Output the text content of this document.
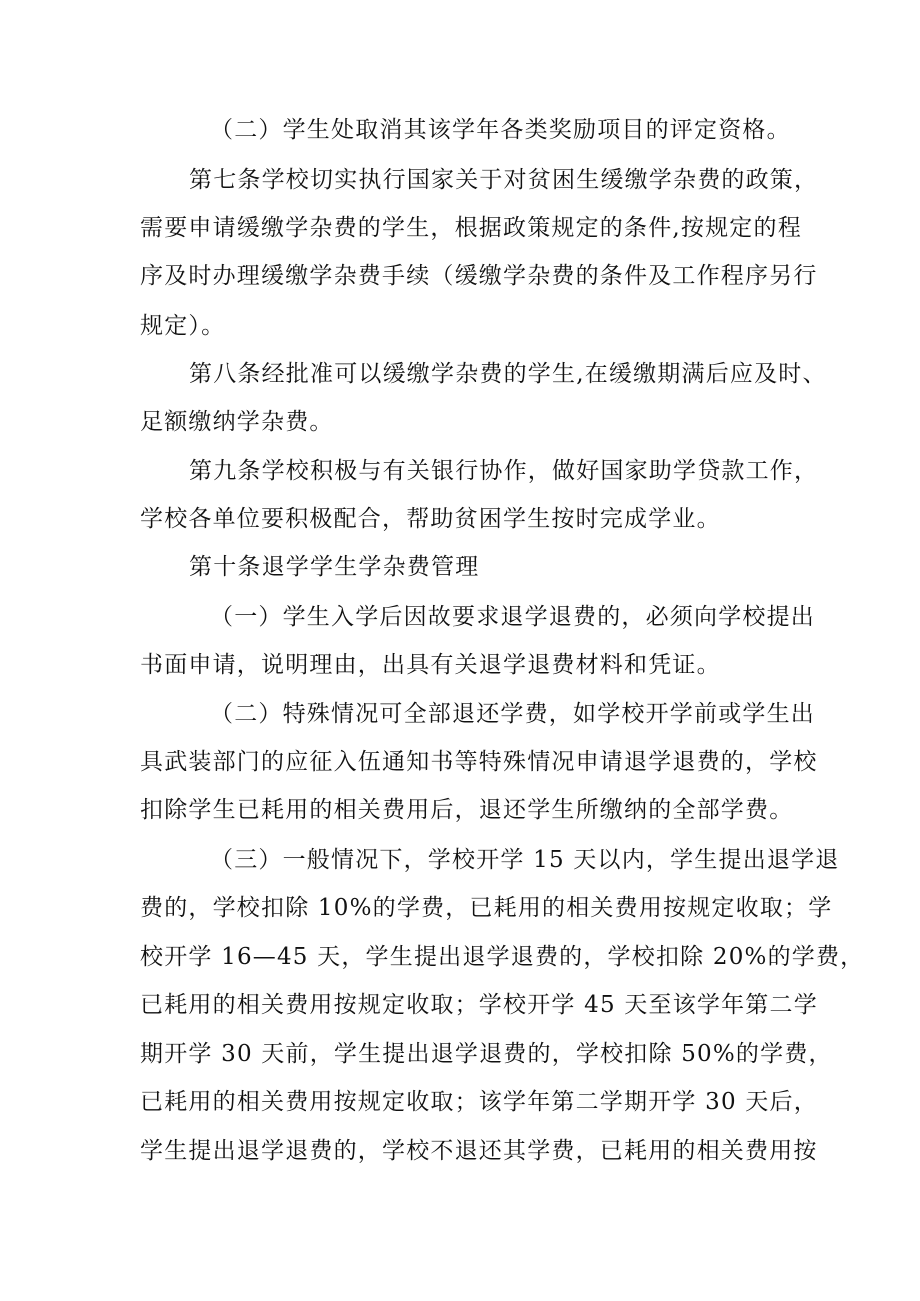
（二）学生处取消其该学年各类奖励项目的评定资格。
第七条学校切实执行国家关于对贫困生缓缴学杂费的政策，
需要申请缓缴学杂费的学生，根据政策规定的条件,按规定的程
序及时办理缓缴学杂费手续（缓缴学杂费的条件及工作程序另行
规定）。
第八条经批准可以缓缴学杂费的学生,在缓缴期满后应及时、
足额缴纳学杂费。
第九条学校积极与有关银行协作，做好国家助学贷款工作，
学校各单位要积极配合，帮助贫困学生按时完成学业。
第十条退学学生学杂费管理
（一）学生入学后因故要求退学退费的，必须向学校提出
书面申请，说明理由，出具有关退学退费材料和凭证。
（二）特殊情况可全部退还学费，如学校开学前或学生出
具武装部门的应征入伍通知书等特殊情况申请退学退费的，学校
扣除学生已耗用的相关费用后，退还学生所缴纳的全部学费。
（三）一般情况下，学校开学 15 天以内，学生提出退学退
费的，学校扣除 10%的学费，已耗用的相关费用按规定收取；学
校开学 16—45 天，学生提出退学退费的，学校扣除 20%的学费，
已耗用的相关费用按规定收取；学校开学 45 天至该学年第二学
期开学 30 天前，学生提出退学退费的，学校扣除 50%的学费，
已耗用的相关费用按规定收取；该学年第二学期开学 30 天后，
学生提出退学退费的，学校不退还其学费，已耗用的相关费用按
